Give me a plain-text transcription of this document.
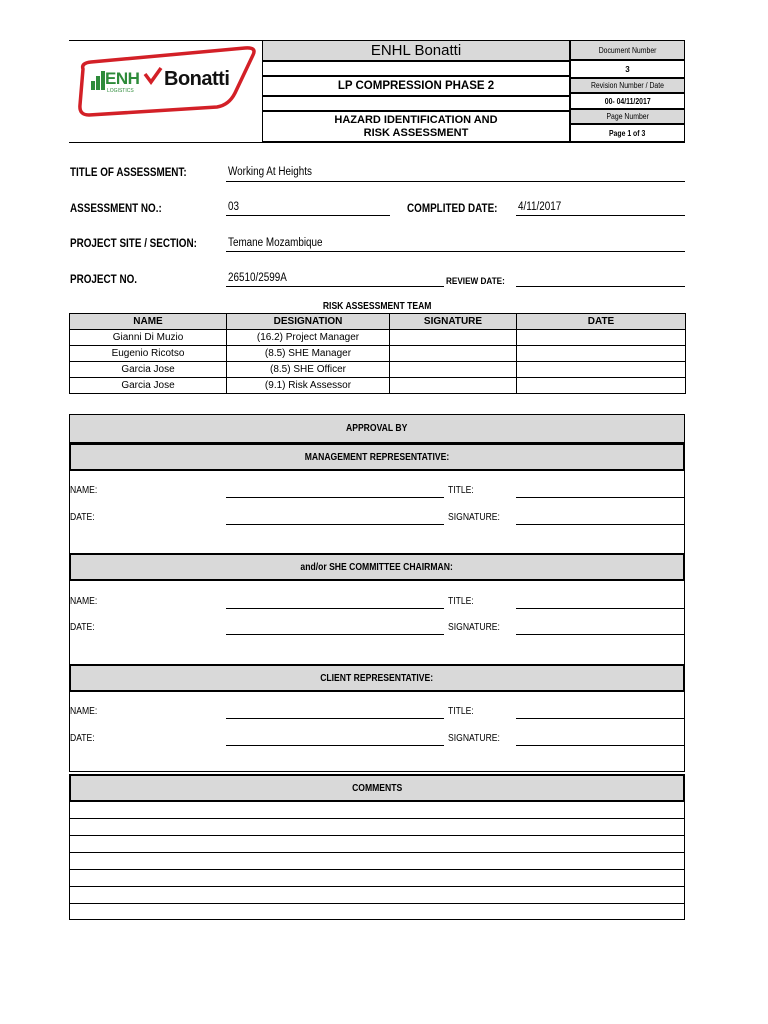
ENH
LOGISTICS
Bonatti
ENHL Bonatti
LP COMPRESSION PHASE 2
HAZARD IDENTIFICATION AND RISK ASSESSMENT
Document Number
3
Revision Number / Date
00- 04/11/2017
Page Number
Page 1 of 3
TITLE OF ASSESSMENT:	Working At Heights
ASSESSMENT NO.:	03	COMPLITED DATE:	4/11/2017
PROJECT SITE / SECTION:	Temane Mozambique
PROJECT NO.	26510/2599A	REVIEW DATE:
RISK ASSESSMENT TEAM
NAME	DESIGNATION	SIGNATURE	DATE
Gianni Di Muzio	(16.2) Project Manager		
Eugenio Ricotso	(8.5) SHE Manager		
Garcia Jose	(8.5) SHE Officer		
Garcia Jose	(9.1) Risk Assessor		
APPROVAL BY
MANAGEMENT REPRESENTATIVE:
NAME:	TITLE:
DATE:	SIGNATURE:
and/or SHE COMMITTEE CHAIRMAN:
NAME:	TITLE:
DATE:	SIGNATURE:
CLIENT REPRESENTATIVE:
NAME:	TITLE:
DATE:	SIGNATURE:
COMMENTS
